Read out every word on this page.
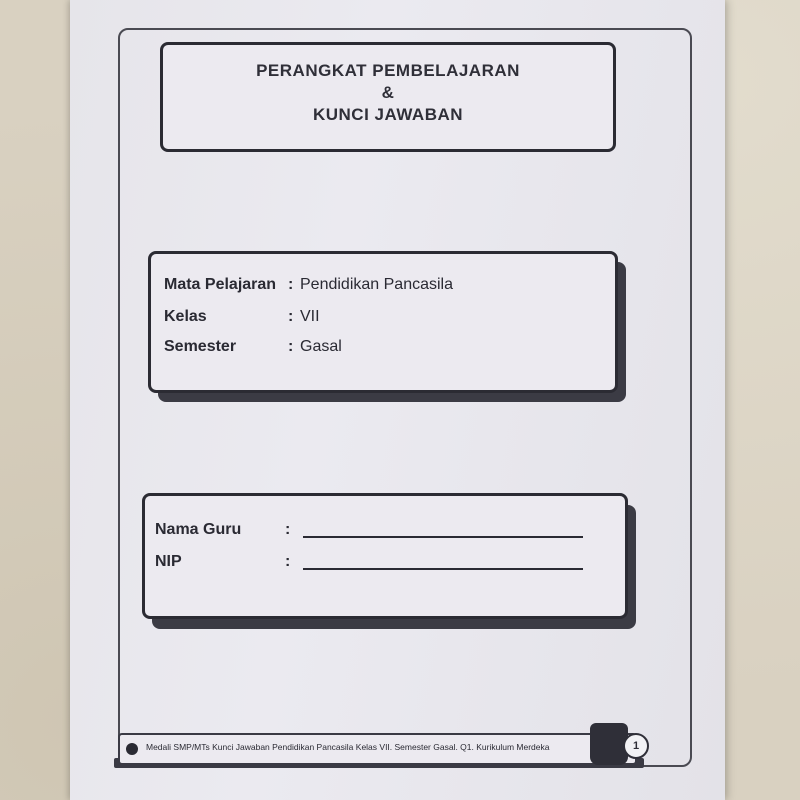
PERANGKAT PEMBELAJARAN
&
KUNCI JAWABAN
Mata Pelajaran : Pendidikan Pancasila
Kelas	: VII
Semester	: Gasal
Nama Guru	:
NIP	:
Medali SMP/MTs Kunci Jawaban Pendidikan Pancasila Kelas VII. Semester Gasal. Q1. Kurikulum Merdeka	1
